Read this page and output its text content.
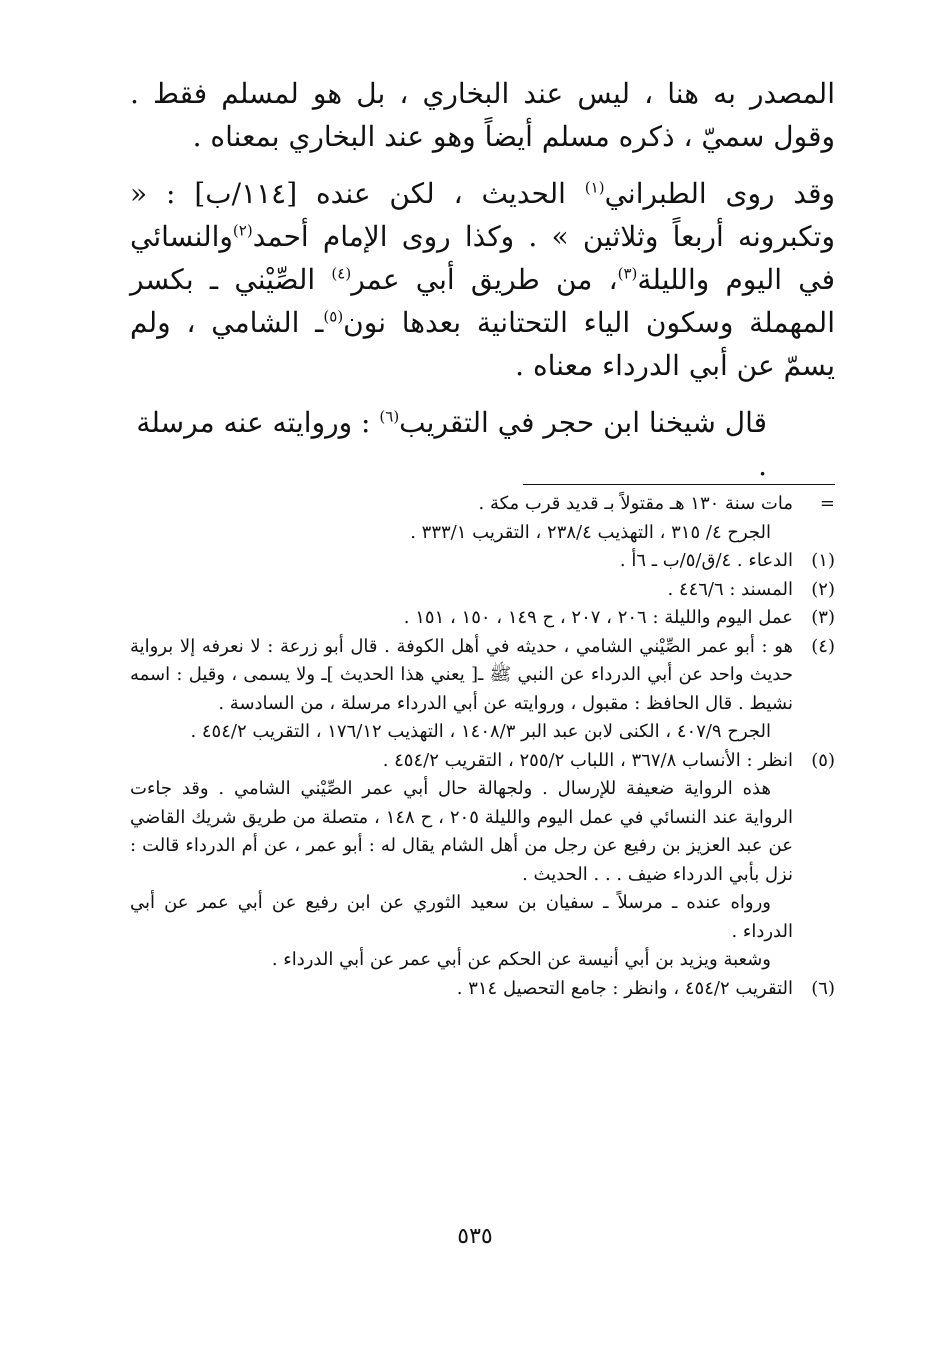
المصدر به هنا ، ليس عند البخاري ، بل هو لمسلم فقط . وقول سميّ ، ذكره مسلم أيضاً وهو عند البخاري بمعناه .

وقد روى الطبراني$^{(١)}$ الحديث ، لكن عنده [١١٤/ب] : « وتكبرونه أربعاً وثلاثين » . وكذا روى الإمام أحمد$^{(٢)}$والنسائي في اليوم والليلة$^{(٣)}$، من طريق أبي عمر$^{(٤)}$ الصِّيْني ـ بكسر المهملة وسكون الياء التحتانية بعدها نون$^{(٥)}$ـ الشامي ، ولم يسمّ عن أبي الدرداء معناه .

قال شيخنا ابن حجر في التقريب$^{(٦)}$ : وروايته عنه مرسلة .

=
مات سنة ١٣٠ هـ مقتولاً بـ قديد قرب مكة .
الجرح ٤/ ٣١٥ ، التهذيب ٢٣٨/٤ ، التقريب ٣٣٣/١ .
(١)
الدعاء . ٤/ق/٥/ب ـ ٦أ .
(٢)
المسند : ٤٤٦/٦ .
(٣)
عمل اليوم والليلة : ٢٠٦ ، ٢٠٧ ، ح ١٤٩ ، ١٥٠ ، ١٥١ .
(٤)
هو : أبو عمر الصِّيْني الشامي ، حديثه في أهل الكوفة . قال أبو زرعة : لا نعرفه إلا برواية حديث واحد عن أبي الدرداء عن النبي ﷺ ـ[ يعني هذا الحديث ]ـ ولا يسمى ، وقيل : اسمه نشيط . قال الحافظ : مقبول ، وروايته عن أبي الدرداء مرسلة ، من السادسة .
الجرح ٤٠٧/٩ ، الكنى لابن عبد البر ١٤٠٨/٣ ، التهذيب ١٧٦/١٢ ، التقريب ٤٥٤/٢ .
(٥)
انظر : الأنساب ٣٦٧/٨ ، اللباب ٢٥٥/٢ ، التقريب ٤٥٤/٢ .
هذه الرواية ضعيفة للإرسال . ولجهالة حال أبي عمر الصِّيْني الشامي . وقد جاءت الرواية عند النسائي في عمل اليوم والليلة ٢٠٥ ، ح ١٤٨ ، متصلة من طريق شريك القاضي عن عبد العزيز بن رفيع عن رجل من أهل الشام يقال له : أبو عمر ، عن أم الدرداء قالت : نزل بأبي الدرداء ضيف . . . الحديث .
ورواه عنده ـ مرسلاً ـ سفيان بن سعيد الثوري عن ابن رفيع عن أبي عمر عن أبي الدرداء .
وشعبة ويزيد بن أبي أنيسة عن الحكم عن أبي عمر عن أبي الدرداء .
(٦)
التقريب ٤٥٤/٢ ، وانظر : جامع التحصيل ٣١٤ .
٥٣٥
